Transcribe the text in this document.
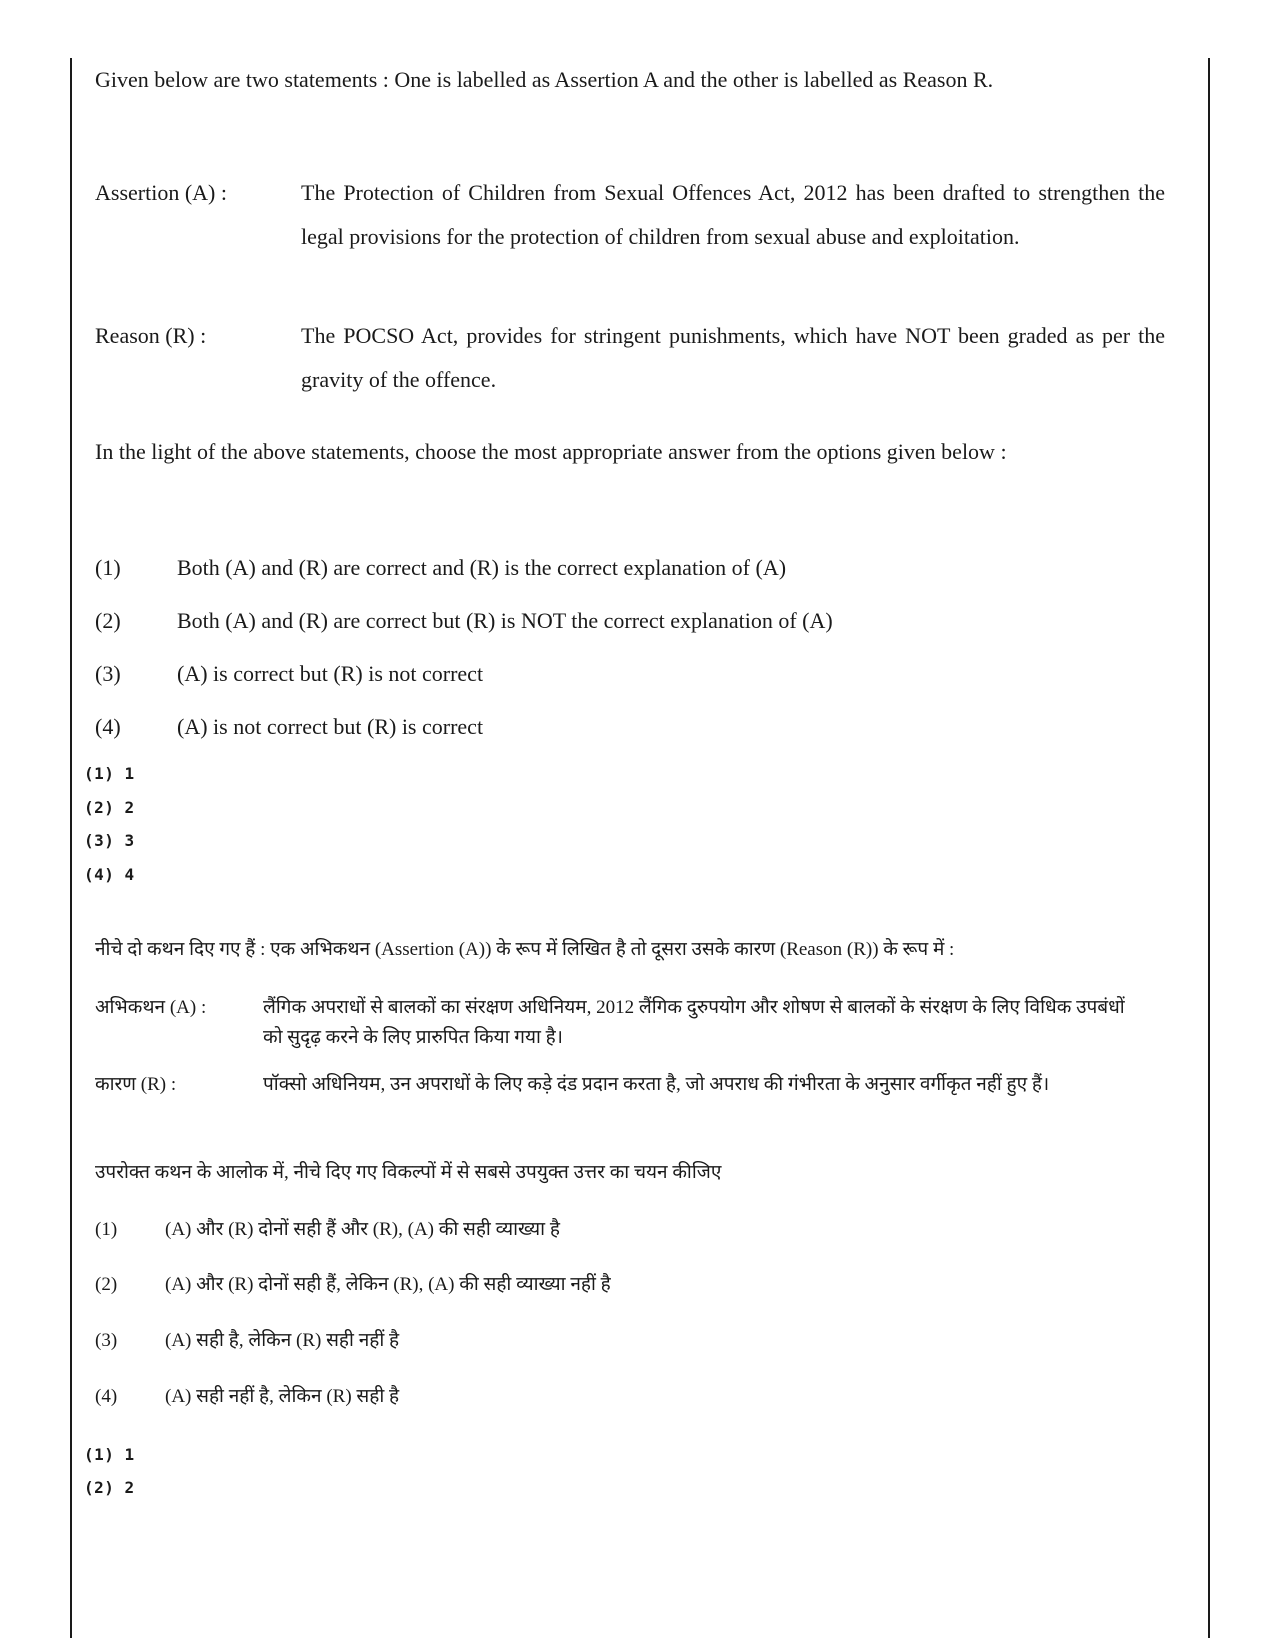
Given below are two statements : One is labelled as Assertion A and the other is labelled as Reason R.
Assertion (A) :	The Protection of Children from Sexual Offences Act, 2012 has been drafted to strengthen the legal provisions for the protection of children from sexual abuse and exploitation.
Reason (R) :	The POCSO Act, provides for stringent punishments, which have NOT been graded as per the gravity of the offence.
In the light of the above statements, choose the most appropriate answer from the options given below :
(1)	Both (A) and (R) are correct and (R) is the correct explanation of (A)
(2)	Both (A) and (R) are correct but (R) is NOT the correct explanation of (A)
(3)	(A) is correct but (R) is not correct
(4)	(A) is not correct but (R) is correct
(1) 1
(2) 2
(3) 3
(4) 4
नीचे दो कथन दिए गए हैं : एक अभिकथन (Assertion (A)) के रूप में लिखित है तो दूसरा उसके कारण (Reason (R)) के रूप में :
अभिकथन (A) :	लैंगिक अपराधों से बालकों का संरक्षण अधिनियम, 2012 लैंगिक दुरुपयोग और शोषण से बालकों के संरक्षण के लिए विधिक उपबंधों को सुदृढ़ करने के लिए प्रारुपित किया गया है।
कारण (R) :	पॉक्सो अधिनियम, उन अपराधों के लिए कड़े दंड प्रदान करता है, जो अपराध की गंभीरता के अनुसार वर्गीकृत नहीं हुए हैं।
उपरोक्त कथन के आलोक में, नीचे दिए गए विकल्पों में से सबसे उपयुक्त उत्तर का चयन कीजिए
(1)	(A) और (R) दोनों सही हैं और (R), (A) की सही व्याख्या है
(2)	(A) और (R) दोनों सही हैं, लेकिन (R), (A) की सही व्याख्या नहीं है
(3)	(A) सही है, लेकिन (R) सही नहीं है
(4)	(A) सही नहीं है, लेकिन (R) सही है
(1) 1
(2) 2
